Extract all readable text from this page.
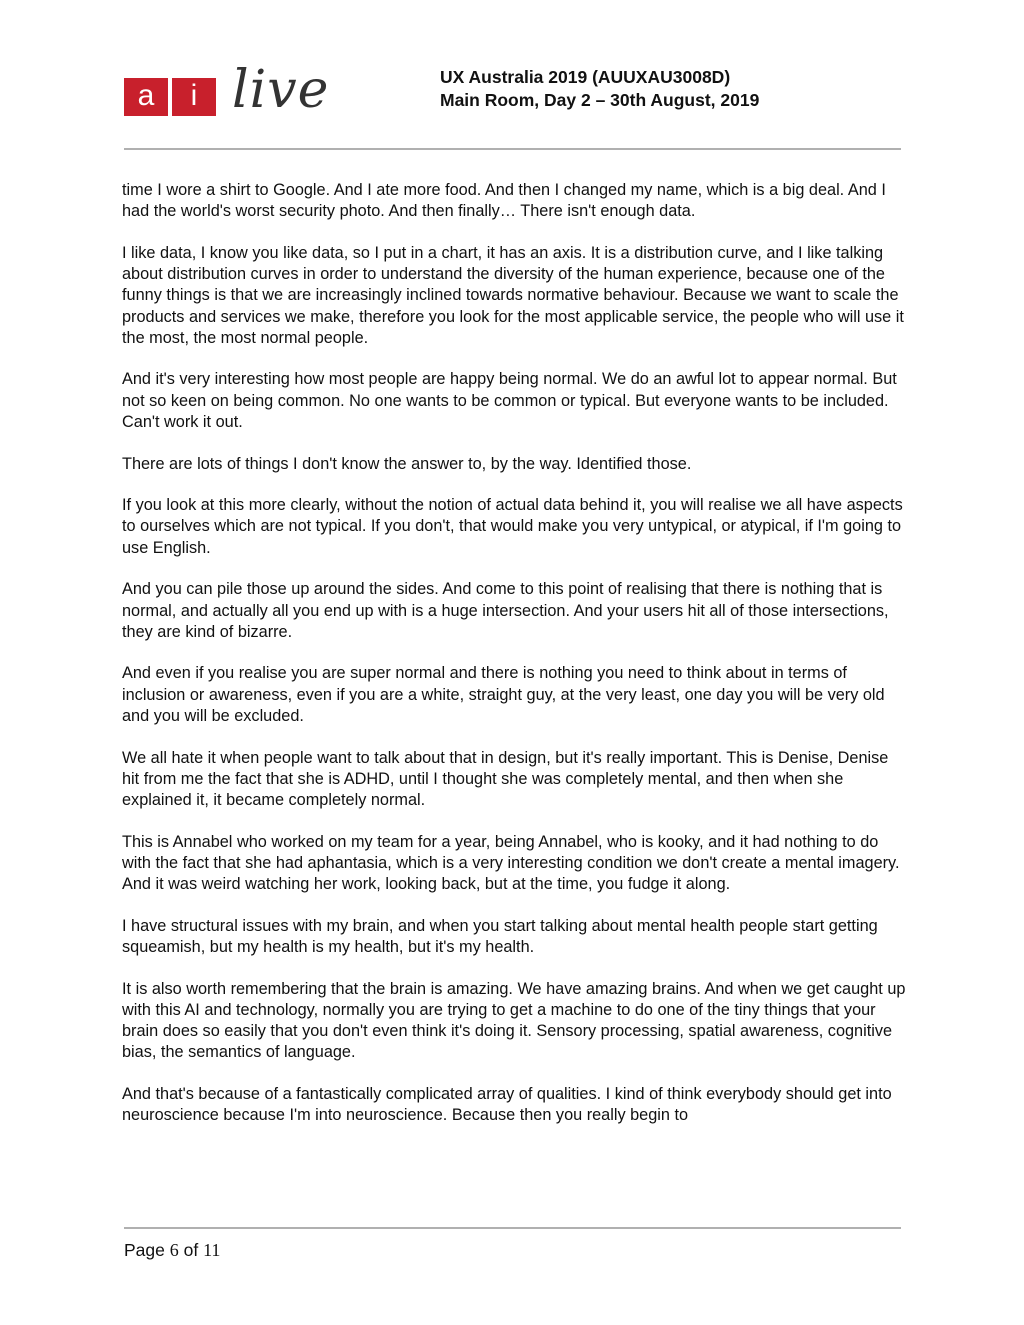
a	i live	UX Australia 2019 (AUUXAU3008D)
Main Room, Day 2 – 30th August, 2019

time I wore a shirt to Google. And I ate more food. And then I changed my name, which is a big deal. And I had the world's worst security photo. And then finally… There isn't enough data.

I like data, I know you like data, so I put in a chart, it has an axis. It is a distribution curve, and I like talking about distribution curves in order to understand the diversity of the human experience, because one of the funny things is that we are increasingly inclined towards normative behaviour. Because we want to scale the products and services we make, therefore you look for the most applicable service, the people who will use it the most, the most normal people.

And it's very interesting how most people are happy being normal. We do an awful lot to appear normal. But not so keen on being common. No one wants to be common or typical. But everyone wants to be included. Can't work it out.

There are lots of things I don't know the answer to, by the way. Identified those.

If you look at this more clearly, without the notion of actual data behind it, you will realise we all have aspects to ourselves which are not typical. If you don't, that would make you very untypical, or atypical, if I'm going to use English.

And you can pile those up around the sides. And come to this point of realising that there is nothing that is normal, and actually all you end up with is a huge intersection. And your users hit all of those intersections, they are kind of bizarre.

And even if you realise you are super normal and there is nothing you need to think about in terms of inclusion or awareness, even if you are a white, straight guy, at the very least, one day you will be very old and you will be excluded.

We all hate it when people want to talk about that in design, but it's really important. This is Denise, Denise hit from me the fact that she is ADHD, until I thought she was completely mental, and then when she explained it, it became completely normal.

This is Annabel who worked on my team for a year, being Annabel, who is kooky, and it had nothing to do with the fact that she had aphantasia, which is a very interesting condition we don't create a mental imagery. And it was weird watching her work, looking back, but at the time, you fudge it along.

I have structural issues with my brain, and when you start talking about mental health people start getting squeamish, but my health is my health, but it's my health.

It is also worth remembering that the brain is amazing. We have amazing brains. And when we get caught up with this AI and technology, normally you are trying to get a machine to do one of the tiny things that your brain does so easily that you don't even think it's doing it. Sensory processing, spatial awareness, cognitive bias, the semantics of language.

And that's because of a fantastically complicated array of qualities. I kind of think everybody should get into neuroscience because I'm into neuroscience. Because then you really begin to

Page 6 of 11
